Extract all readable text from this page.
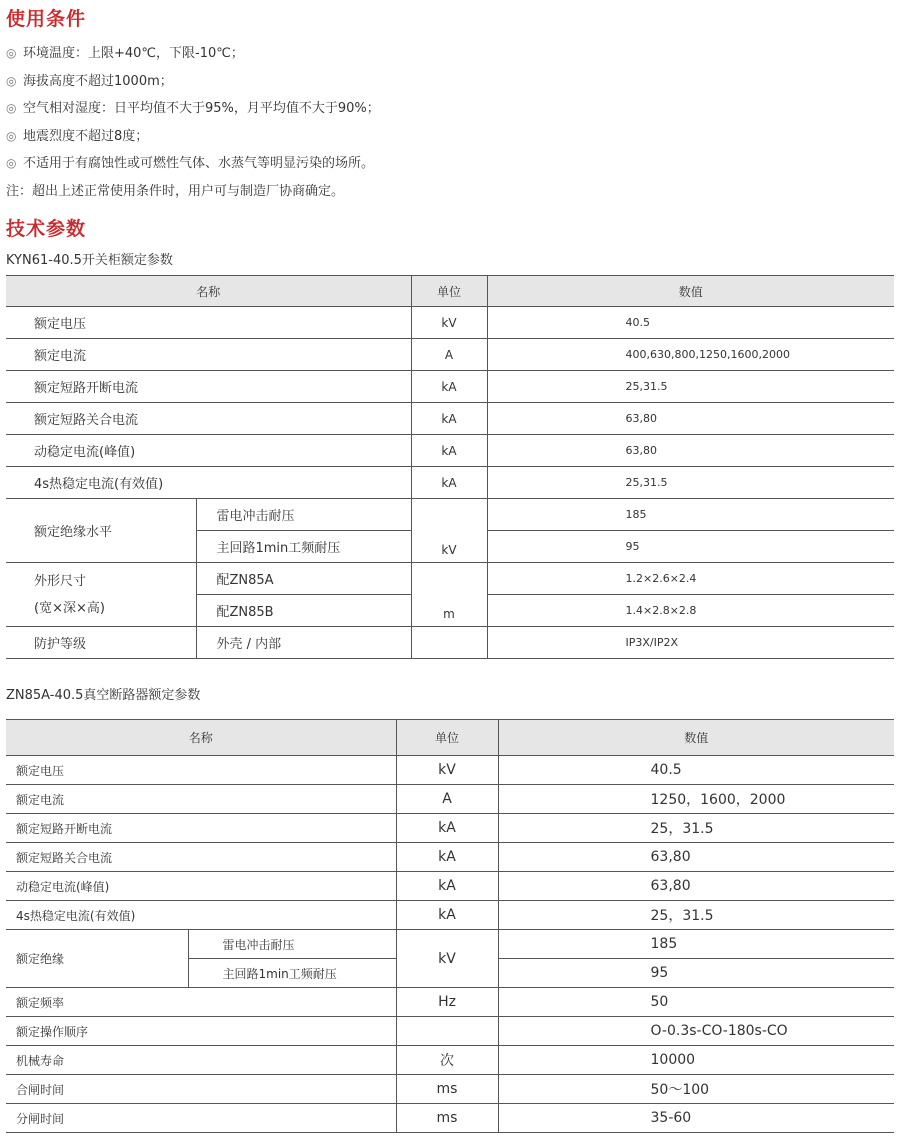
使用条件
◎ 环境温度：上限+40℃，下限-10℃；
◎ 海拔高度不超过1000m；
◎ 空气相对湿度：日平均值不大于95%，月平均值不大于90%；
◎ 地震烈度不超过8度；
◎ 不适用于有腐蚀性或可燃性气体、水蒸气等明显污染的场所。
注：超出上述正常使用条件时，用户可与制造厂协商确定。
技术参数
KYN61-40.5开关柜额定参数
名称		单位	数值
额定电压		kV	40.5
额定电流		A	400,630,800,1250,1600,2000
额定短路开断电流		kA	25,31.5
额定短路关合电流		kA	63,80
动稳定电流(峰值)		kA	63,80
4s热稳定电流(有效值)		kA	25,31.5
额定绝缘水平	雷电冲击耐压	kV	185
	主回路1min工频耐压		95

外形尺寸
(宽×深×高)	配ZN85A	m	1.2×2.6×2.4
	配ZN85B		1.4×2.8×2.8
防护等级	外壳 / 内部		IP3X/IP2X
ZN85A-40.5真空断路器额定参数
名称		单位	数值
额定电压		kV	40.5
额定电流		A	1250，1600，2000
额定短路开断电流		kA	25，31.5
额定短路关合电流		kA	63,80
动稳定电流(峰值)		kA	63,80
4s热稳定电流(有效值)		kA	25，31.5
额定绝缘	雷电冲击耐压	kV	185
	主回路1min工频耐压		95
额定频率		Hz	50
额定操作顺序			O-0.3s-CO-180s-CO
机械寿命		次	10000
合闸时间		ms	50～100
分闸时间		ms	35-60
